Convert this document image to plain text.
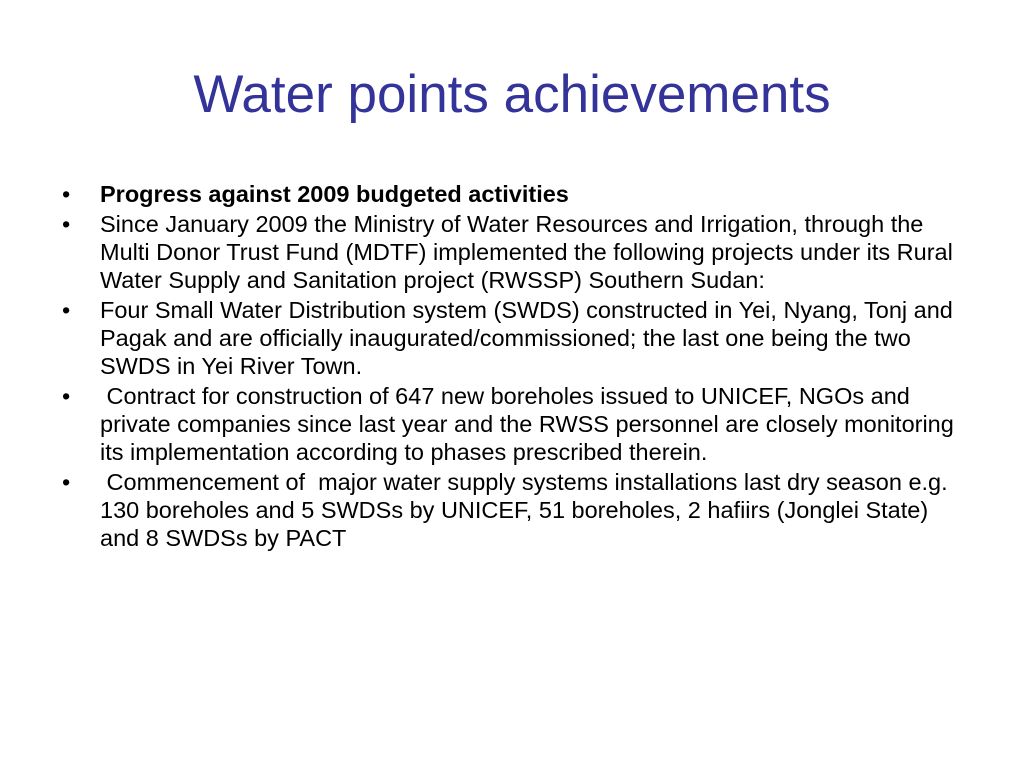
Water points achievements
•	Progress against 2009 budgeted activities
•	Since January 2009 the Ministry of Water Resources and Irrigation, through the Multi Donor Trust Fund (MDTF) implemented the following projects under its Rural Water Supply and Sanitation project (RWSSP) Southern Sudan:
•	Four Small Water Distribution system (SWDS) constructed in Yei, Nyang, Tonj and Pagak and are officially inaugurated/commissioned; the last one being the two SWDS in Yei River Town.
•	Contract for construction of 647 new boreholes issued to UNICEF, NGOs and private companies since last year and the RWSS personnel are closely monitoring its implementation according to phases prescribed therein.
•	Commencement of  major water supply systems installations last dry season e.g. 130 boreholes and 5 SWDSs by UNICEF, 51 boreholes, 2 hafiirs (Jonglei State) and 8 SWDSs by PACT
